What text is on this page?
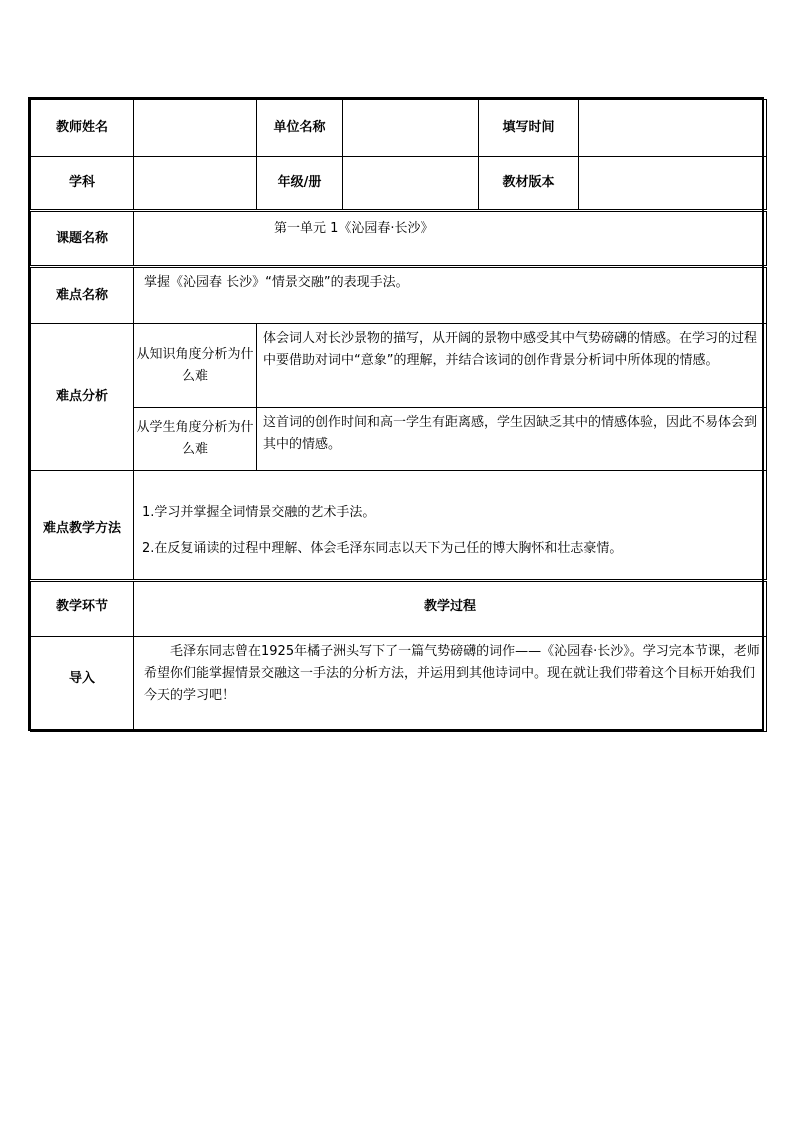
教师姓名		单位名称		填写时间	
学科		年级/册		教材版本	
课题名称	第一单元 1《沁园春·长沙》				
难点名称	掌握《沁园春 长沙》“情景交融”的表现手法。				
难点分析	从知识角度分析为什么难	体会词人对长沙景物的描写，从开阔的景物中感受其中气势磅礴的情感。在学习的过程中要借助对词中“意象”的理解，并结合该词的创作背景分析词中所体现的情感。			
	从学生角度分析为什么难	这首词的创作时间和高一学生有距离感，学生因缺乏其中的情感体验，因此不易体会到其中的情感。			
难点教学方法	1.学习并掌握全词情景交融的艺术手法。

2.在反复诵读的过程中理解、体会毛泽东同志以天下为己任的博大胸怀和壮志豪情。				

教学环节	教学过程				
导入	毛泽东同志曾在1925年橘子洲头写下了一篇气势磅礴的词作——《沁园春·长沙》。学习完本节课，老师希望你们能掌握情景交融这一手法的分析方法，并运用到其他诗词中。现在就让我们带着这个目标开始我们今天的学习吧！				
